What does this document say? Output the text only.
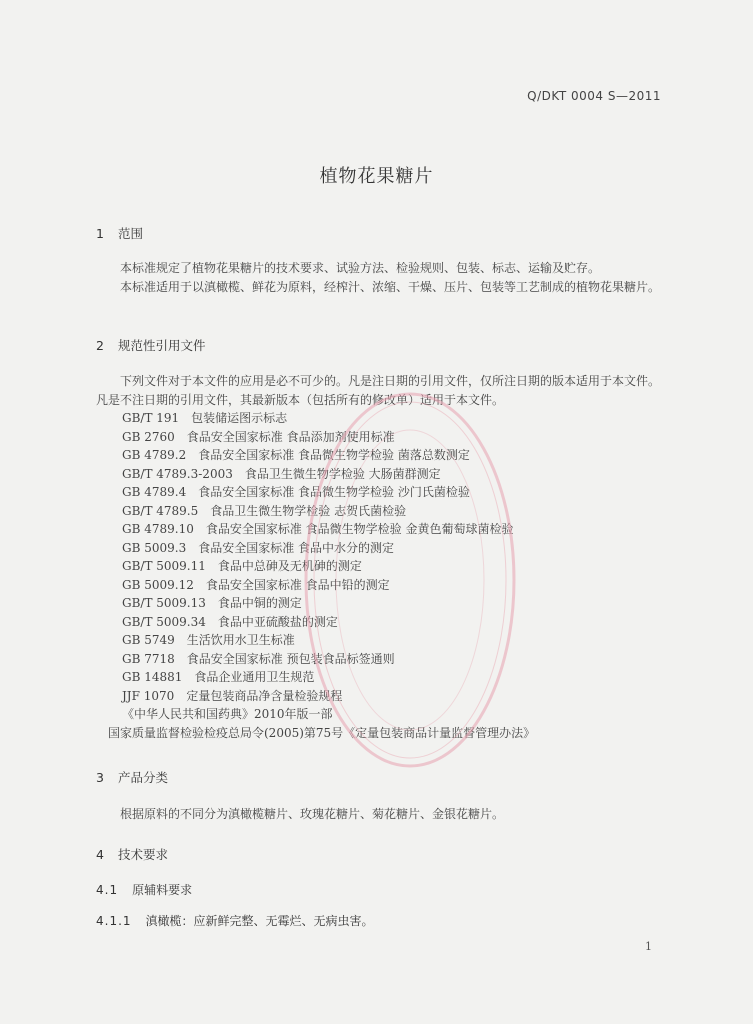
Q/DKT 0004 S—2011
植物花果糖片
1 范围
本标准规定了植物花果糖片的技术要求、试验方法、检验规则、包装、标志、运输及贮存。
本标准适用于以滇橄榄、鲜花为原料，经榨汁、浓缩、干燥、压片、包装等工艺制成的植物花果糖片。
2 规范性引用文件
下列文件对于本文件的应用是必不可少的。凡是注日期的引用文件，仅所注日期的版本适用于本文件。凡是不注日期的引用文件，其最新版本（包括所有的修改单）适用于本文件。
GB/T 191 包装储运图示标志
GB 2760 食品安全国家标准 食品添加剂使用标准
GB 4789.2 食品安全国家标准 食品微生物学检验 菌落总数测定
GB/T 4789.3-2003 食品卫生微生物学检验 大肠菌群测定
GB 4789.4 食品安全国家标准 食品微生物学检验 沙门氏菌检验
GB/T 4789.5 食品卫生微生物学检验 志贺氏菌检验
GB 4789.10 食品安全国家标准 食品微生物学检验 金黄色葡萄球菌检验
GB 5009.3 食品安全国家标准 食品中水分的测定
GB/T 5009.11 食品中总砷及无机砷的测定
GB 5009.12 食品安全国家标准 食品中铅的测定
GB/T 5009.13 食品中铜的测定
GB/T 5009.34 食品中亚硫酸盐的测定
GB 5749 生活饮用水卫生标准
GB 7718 食品安全国家标准 预包装食品标签通则
GB 14881 食品企业通用卫生规范
JJF 1070 定量包装商品净含量检验规程
《中华人民共和国药典》2010年版一部
国家质量监督检验检疫总局令(2005)第75号《定量包装商品计量监督管理办法》
3 产品分类
根据原料的不同分为滇橄榄糖片、玫瑰花糖片、菊花糖片、金银花糖片。
4 技术要求
4.1 原辅料要求
4.1.1 滇橄榄：应新鲜完整、无霉烂、无病虫害。
1
